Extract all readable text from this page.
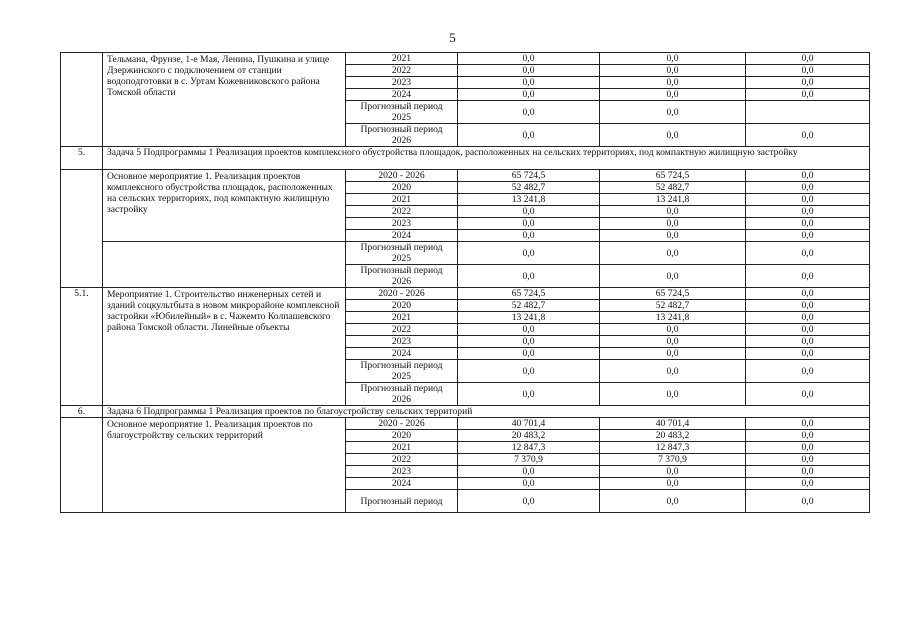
5
	Тельмана, Фрунзе, 1-е Мая, Ленина, Пушкина и улице Дзержинского с подключением от станции водоподготовки в с. Уртам Кожевниковского района Томской области	2021	0,0	0,0	0,0
		2022	0,0	0,0	0,0
		2023	0,0	0,0	0,0
		2024	0,0	0,0	0,0
		Прогнозный период 2025	0,0	0,0	
		Прогнозный период 2026	0,0	0,0	0,0
5.	Задача 5 Подпрограммы 1 Реализация проектов комплексного обустройства площадок, расположенных на сельских территориях, под компактную жилищную застройку				
	Основное мероприятие 1. Реализация проектов комплексного обустройства площадок, расположенных на сельских территориях, под компактную жилищную застройку	2020 - 2026	65 724,5	65 724,5	0,0
		2020	52 482,7	52 482,7	0,0
		2021	13 241,8	13 241,8	0,0
		2022	0,0	0,0	0,0
		2023	0,0	0,0	0,0
		2024	0,0	0,0	0,0
		Прогнозный период 2025	0,0	0,0	0,0
		Прогнозный период 2026	0,0	0,0	0,0
5.1.	Мероприятие 1. Строительство инженерных сетей и зданий соцкультбыта в новом микрорайоне комплексной застройки «Юбилейный» в с. Чажемто Колпашевского района Томской области. Линейные объекты	2020 - 2026	65 724,5	65 724,5	0,0
		2020	52 482,7	52 482,7	0,0
		2021	13 241,8	13 241,8	0,0
		2022	0,0	0,0	0,0
		2023	0,0	0,0	0,0
		2024	0,0	0,0	0,0
		Прогнозный период 2025	0,0	0,0	0,0
		Прогнозный период 2026	0,0	0,0	0,0
6.	Задача 6 Подпрограммы 1 Реализация проектов по благоустройству сельских территорий				
	Основное мероприятие 1. Реализация проектов по благоустройству сельских территорий	2020 - 2026	40 701,4	40 701,4	0,0
		2020	20 483,2	20 483,2	0,0
		2021	12 847,3	12 847,3	0,0
		2022	7 370,9	7 370,9	0,0
		2023	0,0	0,0	0,0
		2024	0,0	0,0	0,0
		Прогнозный период	0,0	0,0	0,0
